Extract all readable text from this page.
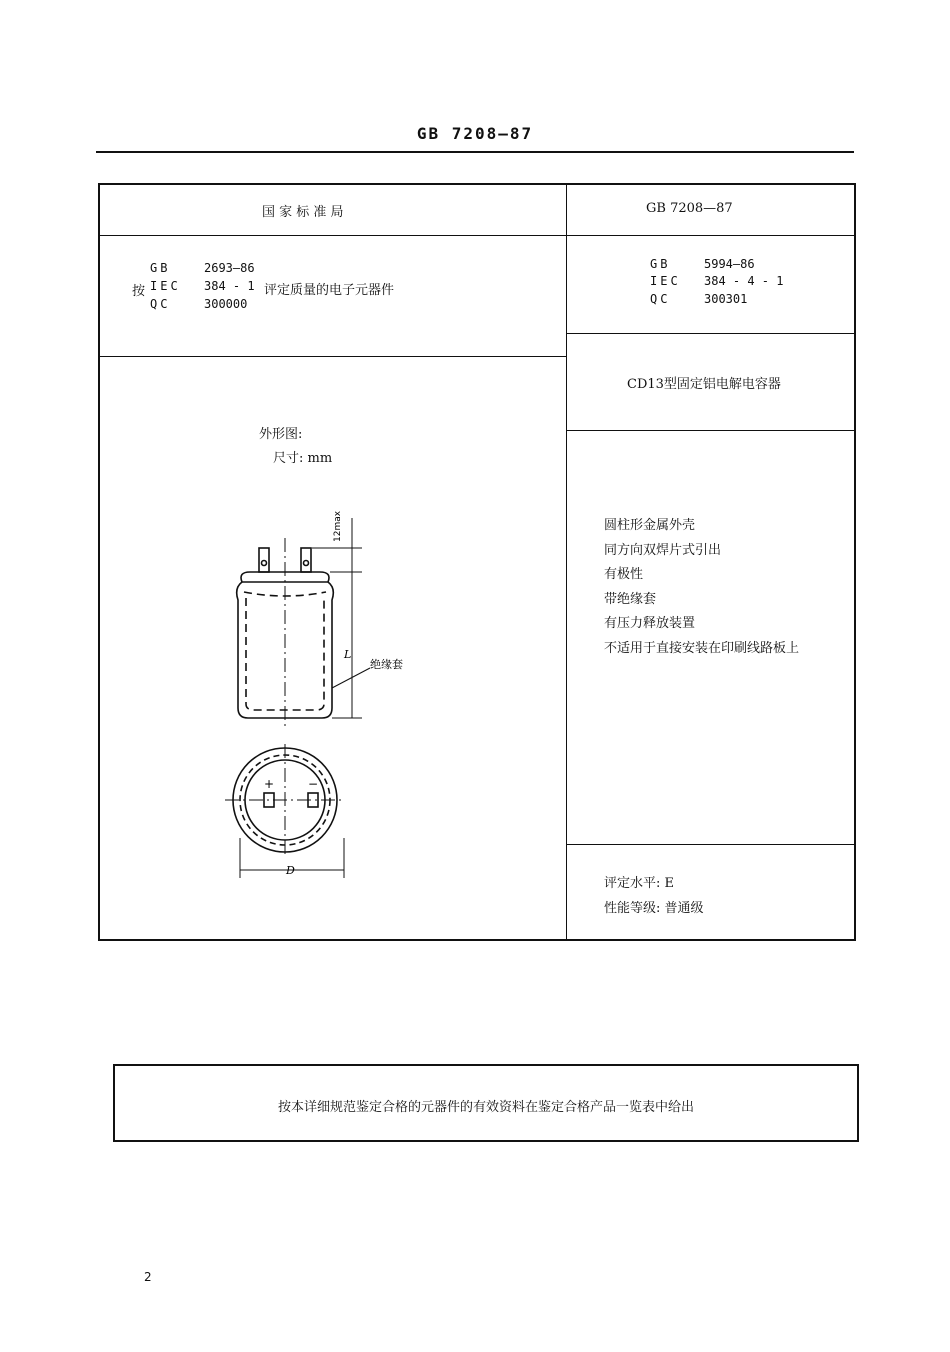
GB 7208—87
国 家 标 准 局
按
GB	2693—86
IEC	384 - 1
QC	300000
评定质量的电子元器件
外形图:
尺寸: mm
12max
L
绝缘套
D
+	−
GB 7208—87
GB	5994—86
IEC	384 - 4 - 1
QC	300301
CD13型固定铝电解电容器
圆柱形金属外壳
同方向双焊片式引出
有极性
带绝缘套
有压力释放装置
不适用于直接安装在印刷线路板上
评定水平: E
性能等级: 普通级
按本详细规范鉴定合格的元器件的有效资料在鉴定合格产品一览表中给出
2
